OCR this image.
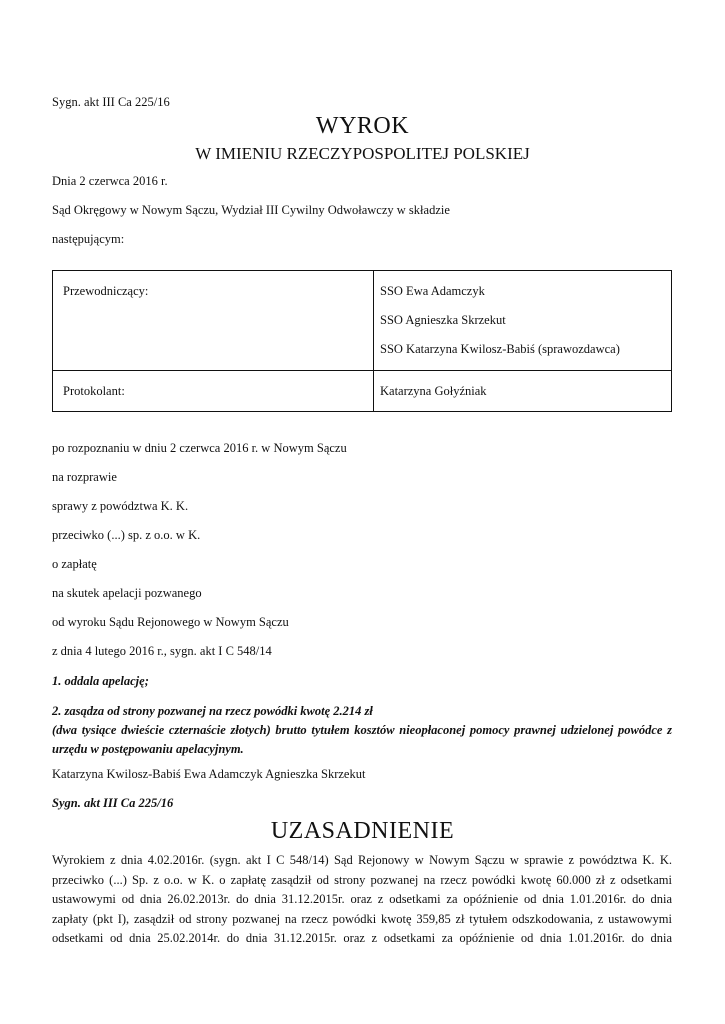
Sygn. akt III Ca 225/16
WYROK
W IMIENIU RZECZYPOSPOLITEJ POLSKIEJ
Dnia 2 czerwca 2016 r.
Sąd Okręgowy w Nowym Sączu, Wydział III Cywilny Odwoławczy w składzie
następującym:
Przewodniczący:	SSO Ewa Adamczyk
SSO Agnieszka Skrzekut
SSO Katarzyna Kwilosz-Babiś (sprawozdawca)

Protokolant:	Katarzyna Gołyźniak
po rozpoznaniu w dniu 2 czerwca 2016 r. w Nowym Sączu
na rozprawie
sprawy z powództwa K. K.
przeciwko (...) sp. z o.o. w K.
o zapłatę
na skutek apelacji pozwanego
od wyroku Sądu Rejonowego w Nowym Sączu
z dnia 4 lutego 2016 r., sygn. akt I C 548/14
1. oddala apelację;
2. zasądza od strony pozwanej na rzecz powódki kwotę 2.214 zł
(dwa tysiące dwieście czternaście złotych) brutto tytułem kosztów nieopłaconej pomocy prawnej udzielonej powódce z urzędu w postępowaniu apelacyjnym.
Katarzyna Kwilosz-Babiś Ewa Adamczyk Agnieszka Skrzekut
Sygn. akt III Ca 225/16
UZASADNIENIE
Wyrokiem z dnia 4.02.2016r. (sygn. akt I C 548/14) Sąd Rejonowy w Nowym Sączu w sprawie z powództwa K. K.
przeciwko (...) Sp. z o.o. w K. o zapłatę zasądził od strony pozwanej na rzecz powódki kwotę 60.000 zł z odsetkami
ustawowymi od dnia 26.02.2013r. do dnia 31.12.2015r. oraz z odsetkami za opóźnienie od dnia 1.01.2016r. do dnia
zapłaty (pkt I), zasądził od strony pozwanej na rzecz powódki kwotę 359,85 zł tytułem odszkodowania, z ustawowymi
odsetkami od dnia 25.02.2014r. do dnia 31.12.2015r. oraz z odsetkami za opóźnienie od dnia 1.01.2016r. do dnia
